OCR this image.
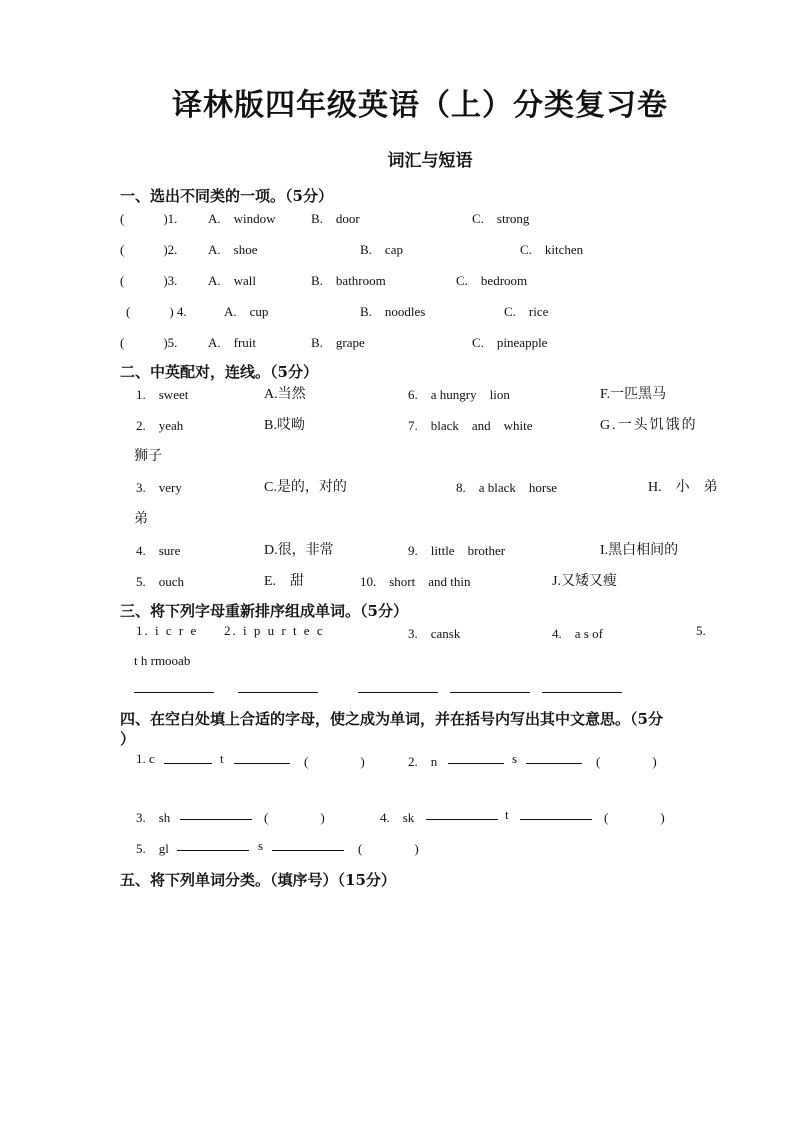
译林版四年级英语（上）分类复习卷
词汇与短语
一、选出不同类的一项。（5分）
(　　　)1. A.　window	B.　door	C.　strong
(　　　)2. A.　shoe	B.　cap	C.　kitchen
(　　　)3. A.　wall	B.　bathroom	C.　bedroom
(　　　) 4.	A.　cup	B.　noodles	C.　rice
(　　　)5. A.　fruit	B.　grape	C.　pineapple
二、中英配对，连线。（5分）
1.　sweet	A.当然	6.　a hungry　lion	F.一匹黑马
2.　yeah	B.哎呦	7.　black　and　white	G.一头饥饿的
狮子
3.　very	C.是的，对的	8.　a black　horse	H.　小　弟
弟
4.　sure	D.很，非常	9.　little　brother	I.黑白相间的
5.　ouch	E.　甜	10.　short　and thin	J.又矮又瘦
三、将下列字母重新排序组成单词。（5分）
1. i c r e 2. i p u r t e c	3.　cansk	4.　a s of	5.
t h rmooab
四、在空白处填上合适的字母，使之成为单词，并在括号内写出其中文意思。（5分
）
1. c	t	(　　　　)	2.　n	s	(　　　　)
3.　sh	(　　　　)	4.　sk	t	(　　　　)
5.　gl	s	(　　　　)
五、将下列单词分类。（填序号）（15分）
